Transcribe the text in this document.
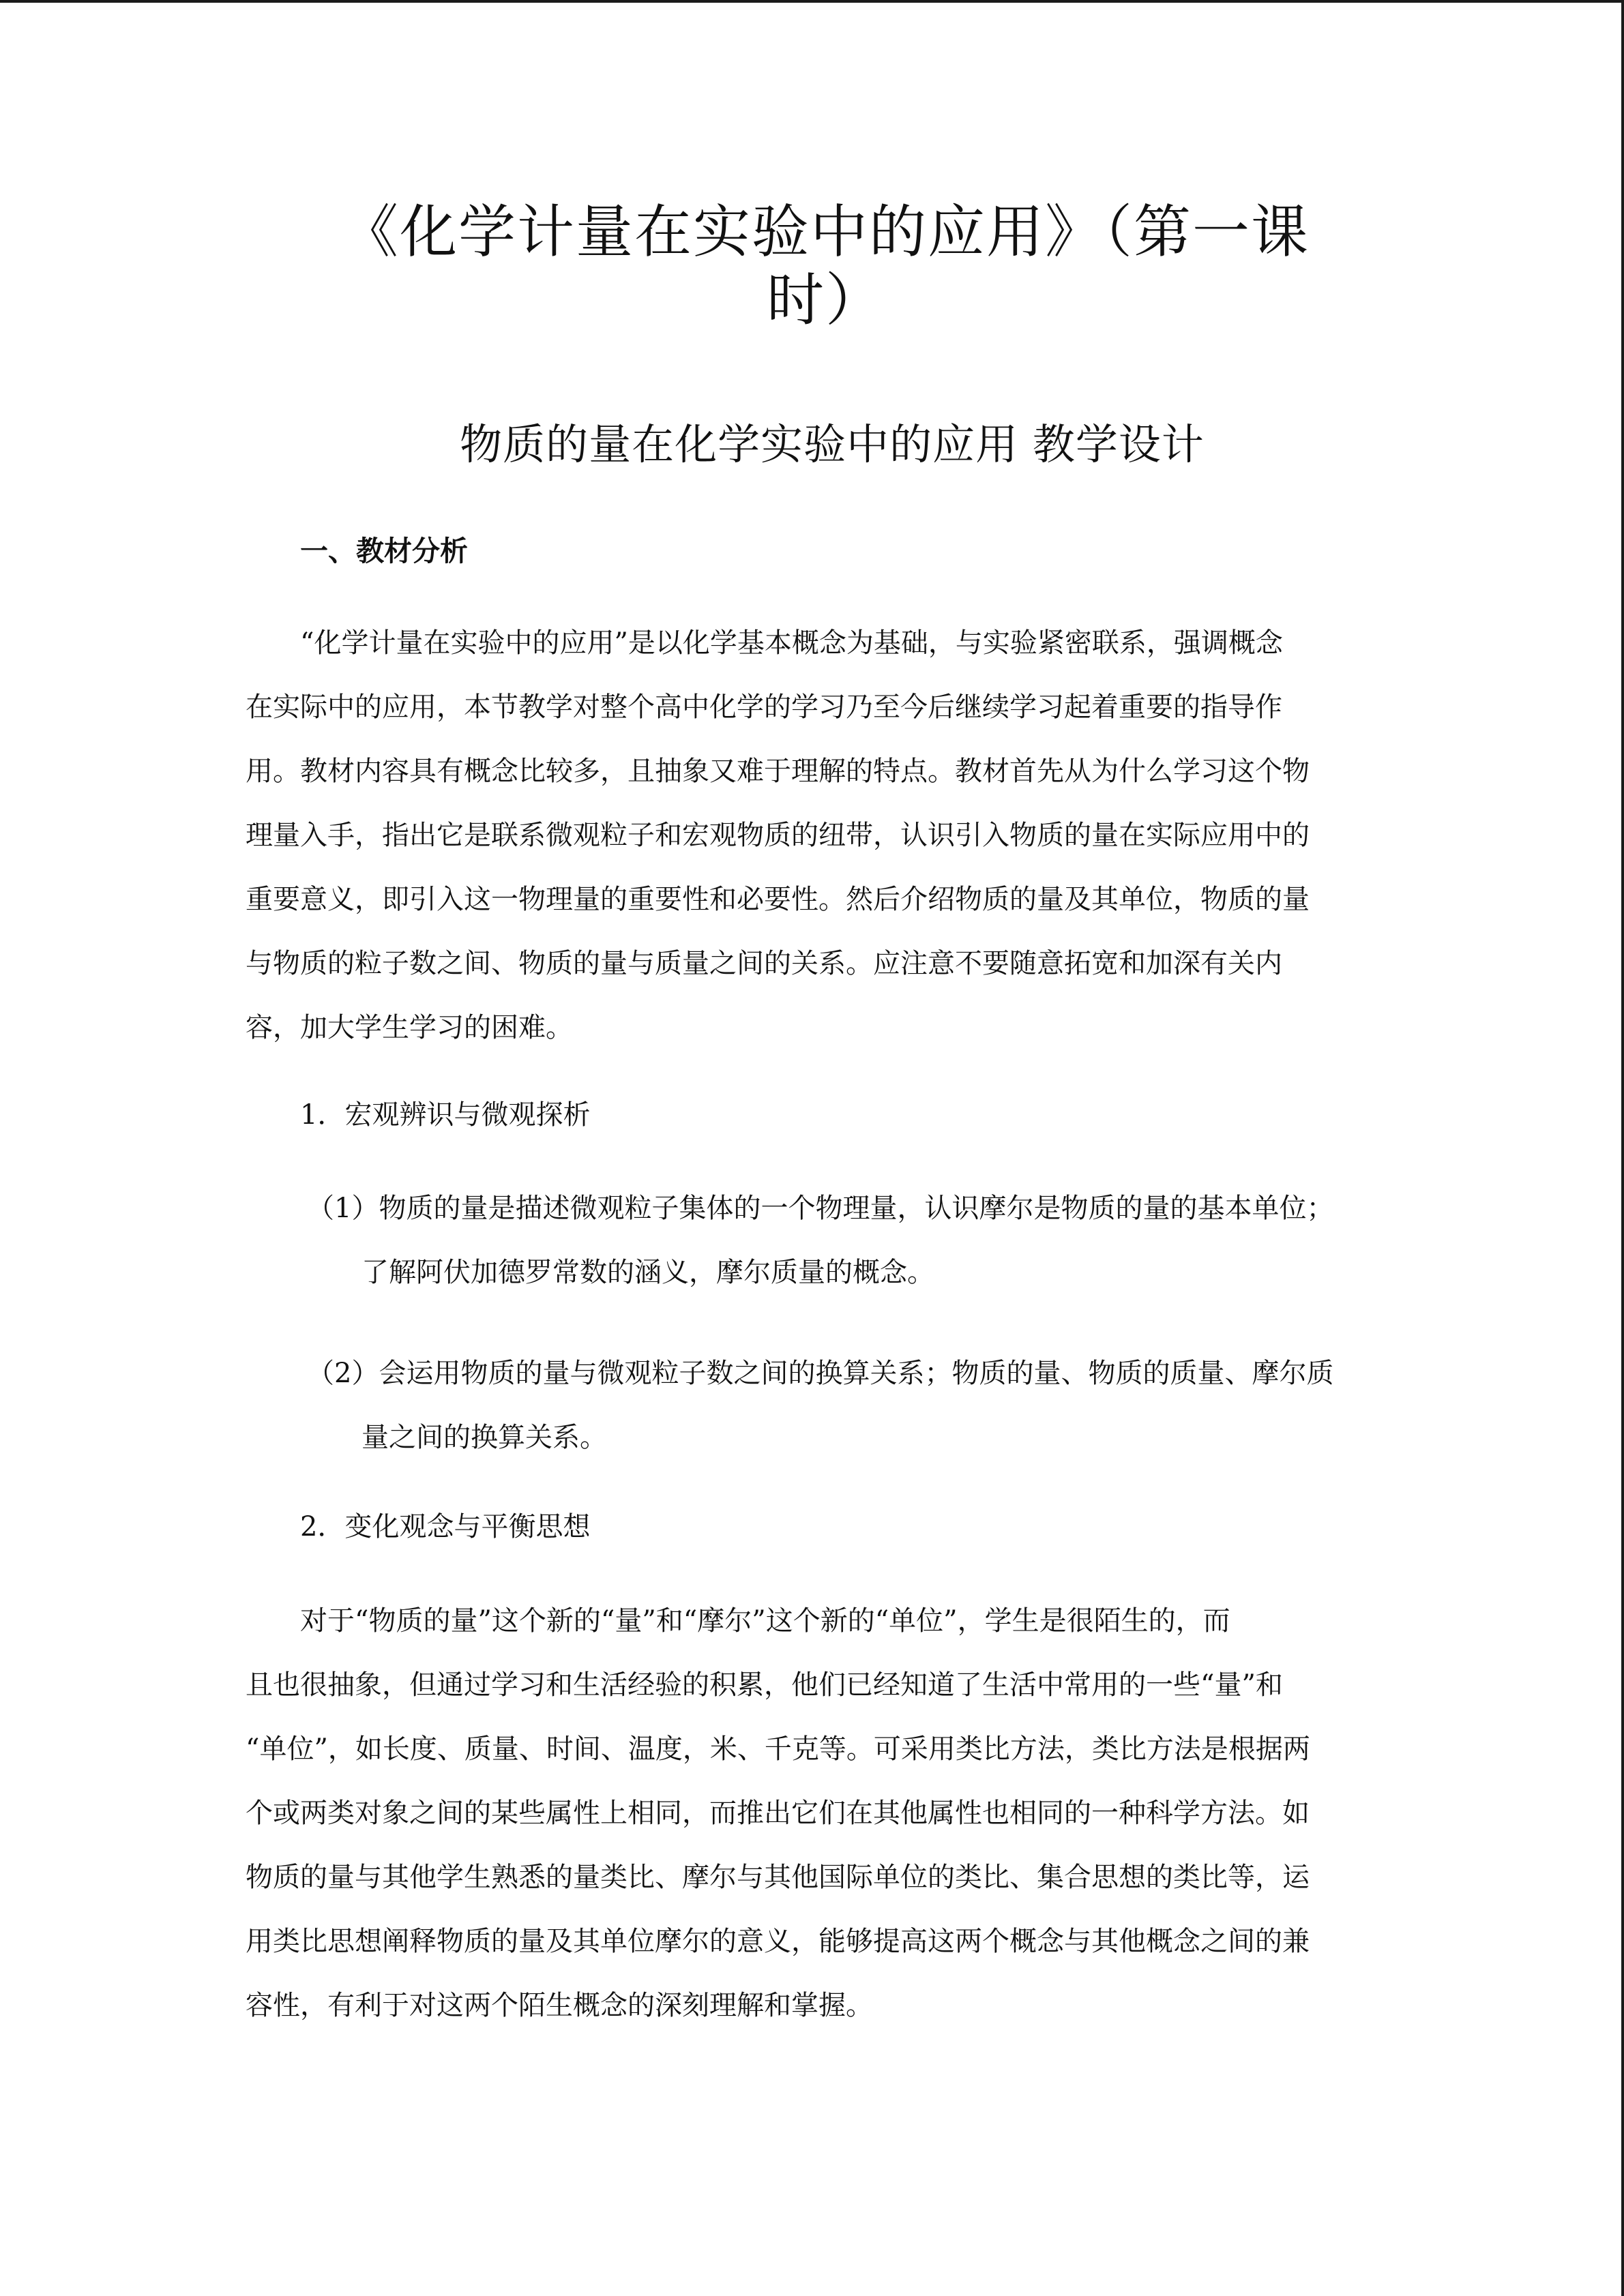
《化学计量在实验中的应用》（第一课
时）
物质的量在化学实验中的应用 教学设计
一、教材分析
“化学计量在实验中的应用”是以化学基本概念为基础，与实验紧密联系，强调概念
在实际中的应用，本节教学对整个高中化学的学习乃至今后继续学习起着重要的指导作
用。教材内容具有概念比较多，且抽象又难于理解的特点。教材首先从为什么学习这个物
理量入手，指出它是联系微观粒子和宏观物质的纽带，认识引入物质的量在实际应用中的
重要意义，即引入这一物理量的重要性和必要性。然后介绍物质的量及其单位，物质的量
与物质的粒子数之间、物质的量与质量之间的关系。应注意不要随意拓宽和加深有关内
容，加大学生学习的困难。
1．宏观辨识与微观探析
（1）物质的量是描述微观粒子集体的一个物理量，认识摩尔是物质的量的基本单位；
了解阿伏加德罗常数的涵义，摩尔质量的概念。
（2）会运用物质的量与微观粒子数之间的换算关系；物质的量、物质的质量、摩尔质
量之间的换算关系。
2．变化观念与平衡思想
对于“物质的量”这个新的“量”和“摩尔”这个新的“单位”，学生是很陌生的，而
且也很抽象，但通过学习和生活经验的积累，他们已经知道了生活中常用的一些“量”和
“单位”，如长度、质量、时间、温度，米、千克等。可采用类比方法，类比方法是根据两
个或两类对象之间的某些属性上相同，而推出它们在其他属性也相同的一种科学方法。如
物质的量与其他学生熟悉的量类比、摩尔与其他国际单位的类比、集合思想的类比等，运
用类比思想阐释物质的量及其单位摩尔的意义，能够提高这两个概念与其他概念之间的兼
容性，有利于对这两个陌生概念的深刻理解和掌握。
